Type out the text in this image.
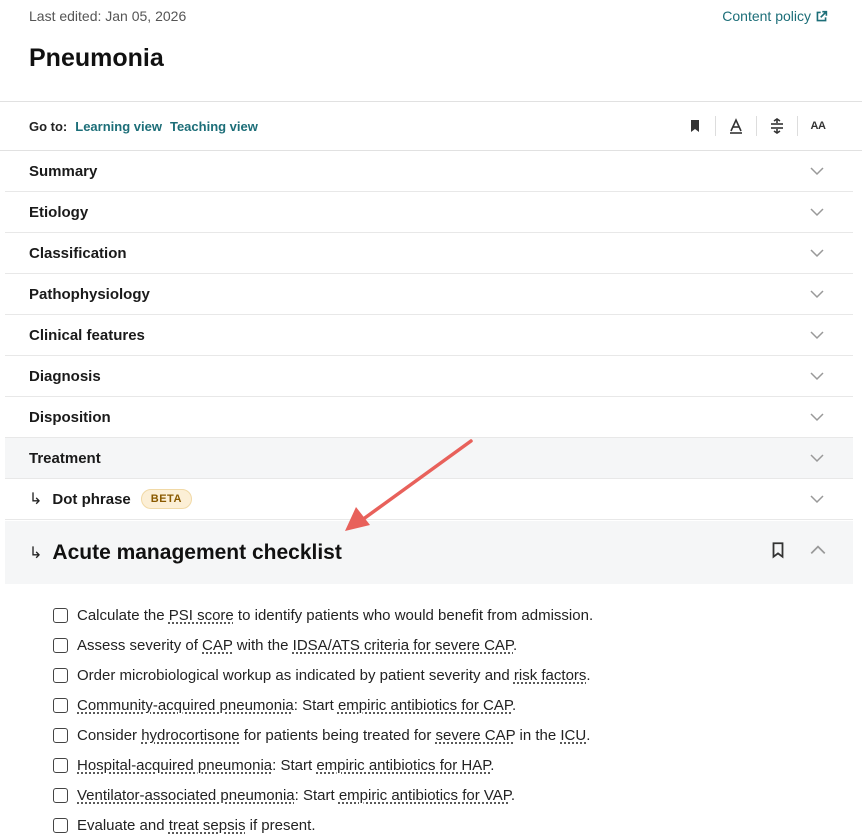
Last edited: Jan 05, 2026	Content policy
Pneumonia
Go to: Learning view Teaching view	AA
Summary
Etiology
Classification
Pathophysiology
Clinical features
Diagnosis
Disposition
Treatment
↳ Dot phrase	BETA
↳ Acute management checklist
Calculate the PSI score to identify patients who would benefit from admission.
Assess severity of CAP with the IDSA/ATS criteria for severe CAP.
Order microbiological workup as indicated by patient severity and risk factors.
Community-acquired pneumonia: Start empiric antibiotics for CAP.
Consider hydrocortisone for patients being treated for severe CAP in the ICU.
Hospital-acquired pneumonia: Start empiric antibiotics for HAP.
Ventilator-associated pneumonia: Start empiric antibiotics for VAP.
Evaluate and treat sepsis if present.
